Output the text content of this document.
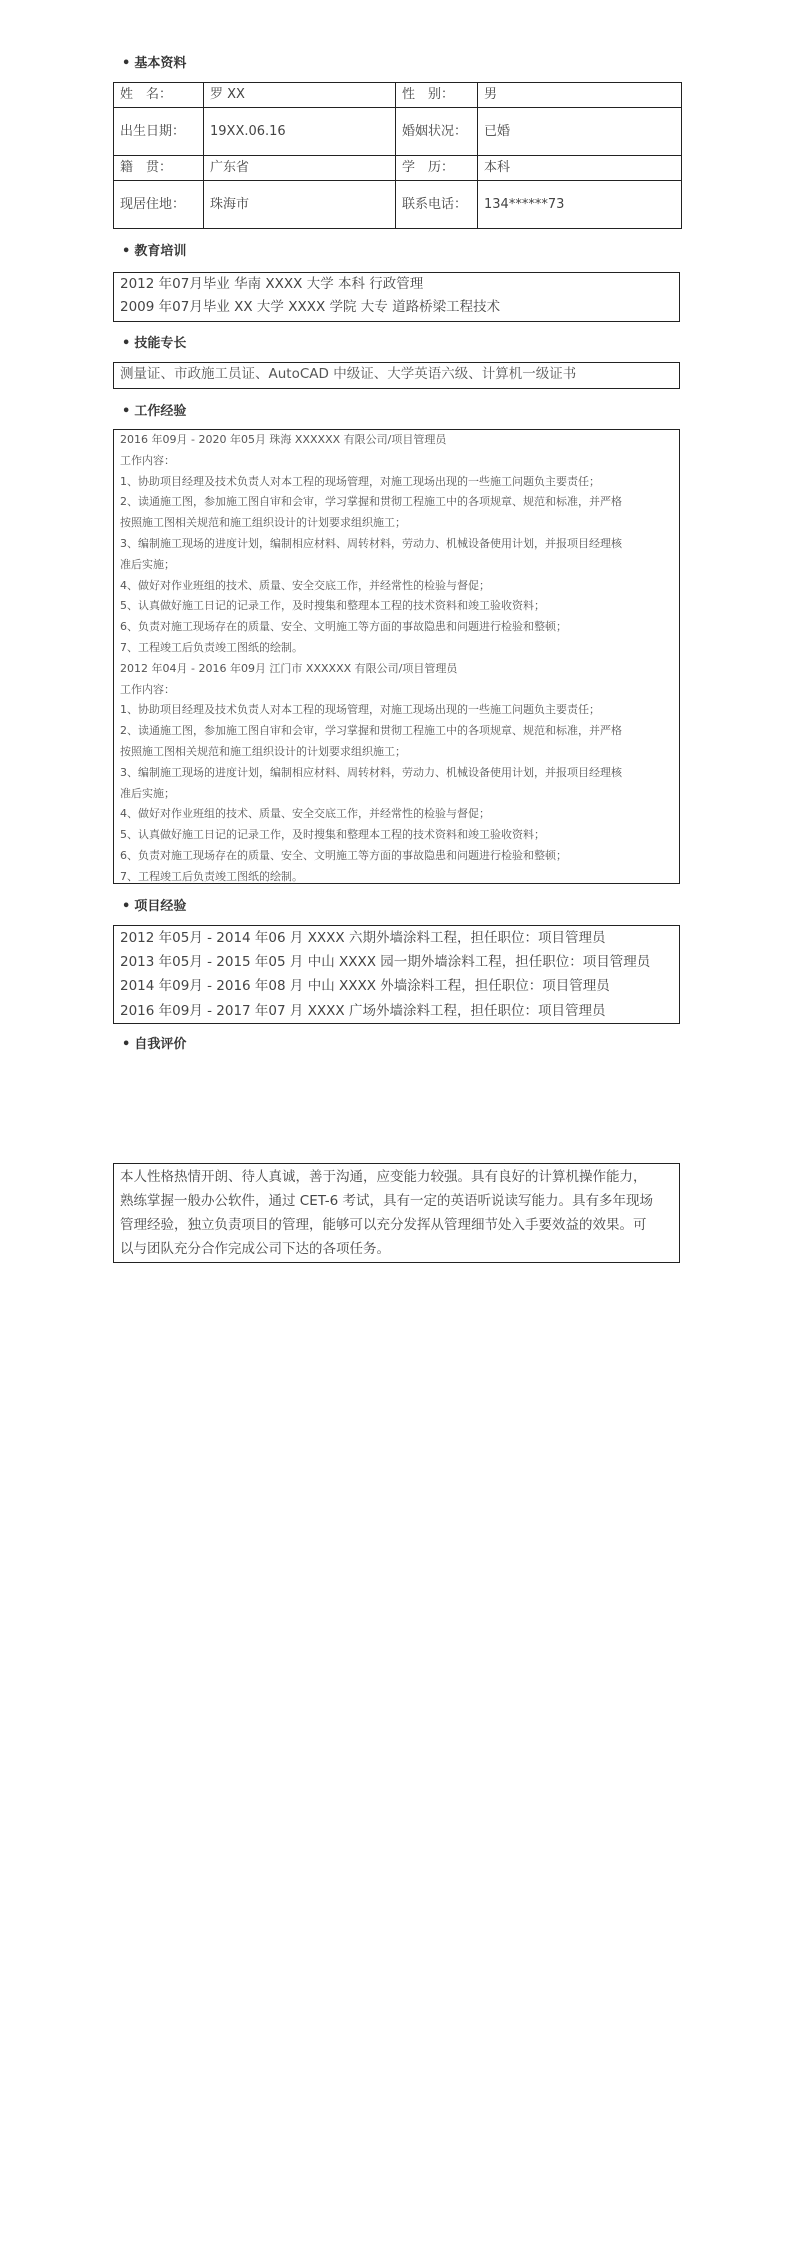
• 基本资料
姓　名：	罗 XX	性　别：	男
出生日期：	19XX.06.16	婚姻状况：	已婚
籍　贯：	广东省	学　历：	本科
现居住地：	珠海市	联系电话：	134******73
• 教育培训
2012 年07月毕业 华南 XXXX 大学 本科 行政管理
2009 年07月毕业 XX 大学 XXXX 学院 大专 道路桥梁工程技术
• 技能专长
测量证、市政施工员证、AutoCAD 中级证、大学英语六级、计算机一级证书
• 工作经验
2016 年09月 - 2020 年05月 珠海 XXXXXX 有限公司/项目管理员
工作内容：
1、协助项目经理及技术负责人对本工程的现场管理，对施工现场出现的一些施工问题负主要责任；
2、读通施工图，参加施工图自审和会审，学习掌握和贯彻工程施工中的各项规章、规范和标准，并严格
按照施工图相关规范和施工组织设计的计划要求组织施工；
3、编制施工现场的进度计划，编制相应材料、周转材料，劳动力、机械设备使用计划，并报项目经理核
准后实施；
4、做好对作业班组的技术、质量、安全交底工作，并经常性的检验与督促；
5、认真做好施工日记的记录工作，及时搜集和整理本工程的技术资料和竣工验收资料；
6、负责对施工现场存在的质量、安全、文明施工等方面的事故隐患和问题进行检验和整顿；
7、工程竣工后负责竣工图纸的绘制。
2012 年04月 - 2016 年09月 江门市 XXXXXX 有限公司/项目管理员
工作内容：
1、协助项目经理及技术负责人对本工程的现场管理，对施工现场出现的一些施工问题负主要责任；
2、读通施工图，参加施工图自审和会审，学习掌握和贯彻工程施工中的各项规章、规范和标准，并严格
按照施工图相关规范和施工组织设计的计划要求组织施工；
3、编制施工现场的进度计划，编制相应材料、周转材料，劳动力、机械设备使用计划，并报项目经理核
准后实施；
4、做好对作业班组的技术、质量、安全交底工作，并经常性的检验与督促；
5、认真做好施工日记的记录工作，及时搜集和整理本工程的技术资料和竣工验收资料；
6、负责对施工现场存在的质量、安全、文明施工等方面的事故隐患和问题进行检验和整顿；
7、工程竣工后负责竣工图纸的绘制。
• 项目经验
2012 年05月 - 2014 年06 月 XXXX 六期外墙涂料工程，担任职位：项目管理员
2013 年05月 - 2015 年05 月 中山 XXXX 园一期外墙涂料工程，担任职位：项目管理员
2014 年09月 - 2016 年08 月 中山 XXXX 外墙涂料工程，担任职位：项目管理员
2016 年09月 - 2017 年07 月 XXXX 广场外墙涂料工程，担任职位：项目管理员
• 自我评价
本人性格热情开朗、待人真诚，善于沟通，应变能力较强。具有良好的计算机操作能力，
熟练掌握一般办公软件，通过 CET-6 考试，具有一定的英语听说读写能力。具有多年现场
管理经验，独立负责项目的管理，能够可以充分发挥从管理细节处入手要效益的效果。可
以与团队充分合作完成公司下达的各项任务。
